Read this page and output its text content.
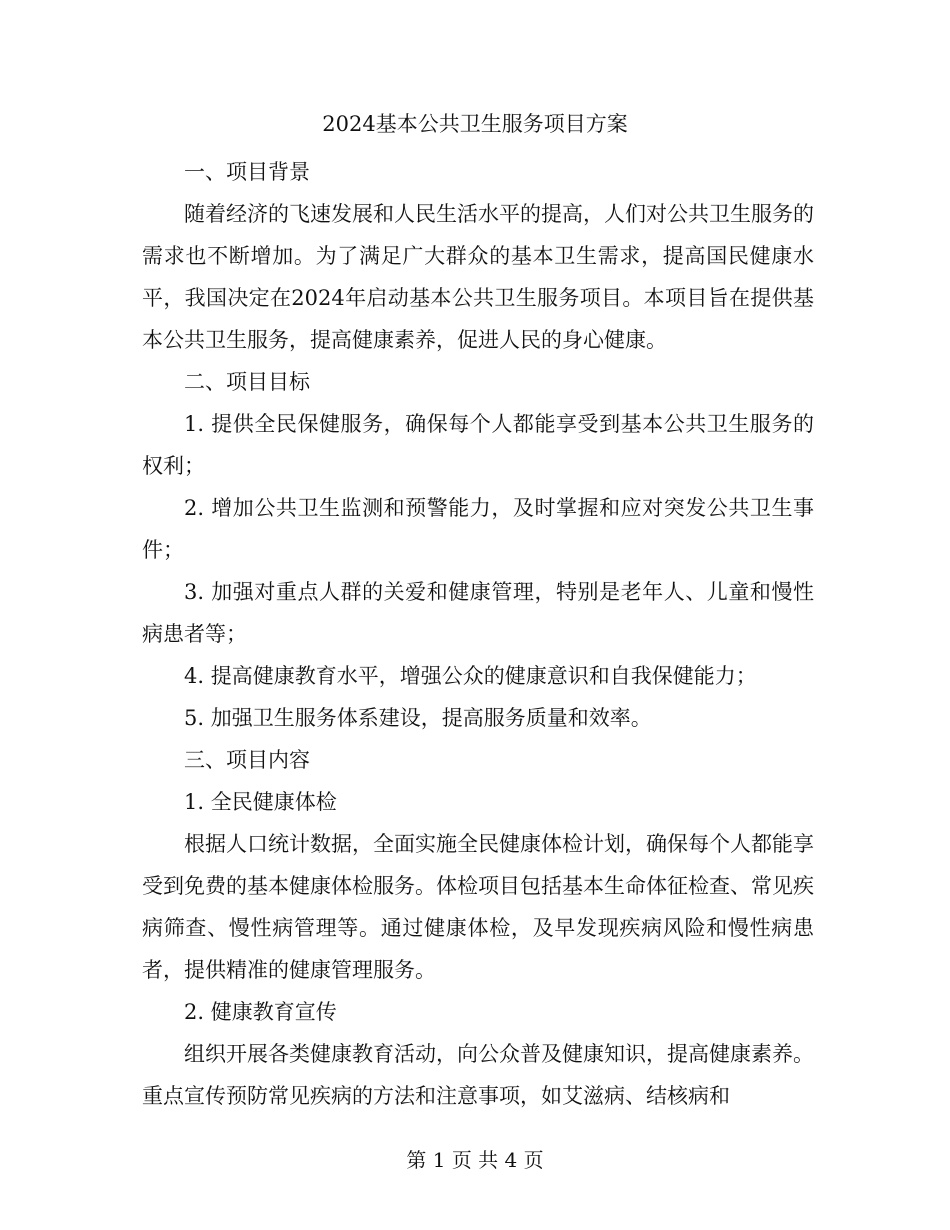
2024基本公共卫生服务项目方案

一、项目背景

随着经济的飞速发展和人民生活水平的提高，人们对公共卫生服务的需求也不断增加。为了满足广大群众的基本卫生需求，提高国民健康水平，我国决定在2024年启动基本公共卫生服务项目。本项目旨在提供基本公共卫生服务，提高健康素养，促进人民的身心健康。

二、项目目标

1. 提供全民保健服务，确保每个人都能享受到基本公共卫生服务的权利；

2. 增加公共卫生监测和预警能力，及时掌握和应对突发公共卫生事件；

3. 加强对重点人群的关爱和健康管理，特别是老年人、儿童和慢性病患者等；

4. 提高健康教育水平，增强公众的健康意识和自我保健能力；

5. 加强卫生服务体系建设，提高服务质量和效率。

三、项目内容

1. 全民健康体检

根据人口统计数据，全面实施全民健康体检计划，确保每个人都能享受到免费的基本健康体检服务。体检项目包括基本生命体征检查、常见疾病筛查、慢性病管理等。通过健康体检，及早发现疾病风险和慢性病患者，提供精准的健康管理服务。

2. 健康教育宣传

组织开展各类健康教育活动，向公众普及健康知识，提高健康素养。重点宣传预防常见疾病的方法和注意事项，如艾滋病、结核病和

第 1 页 共 4 页
